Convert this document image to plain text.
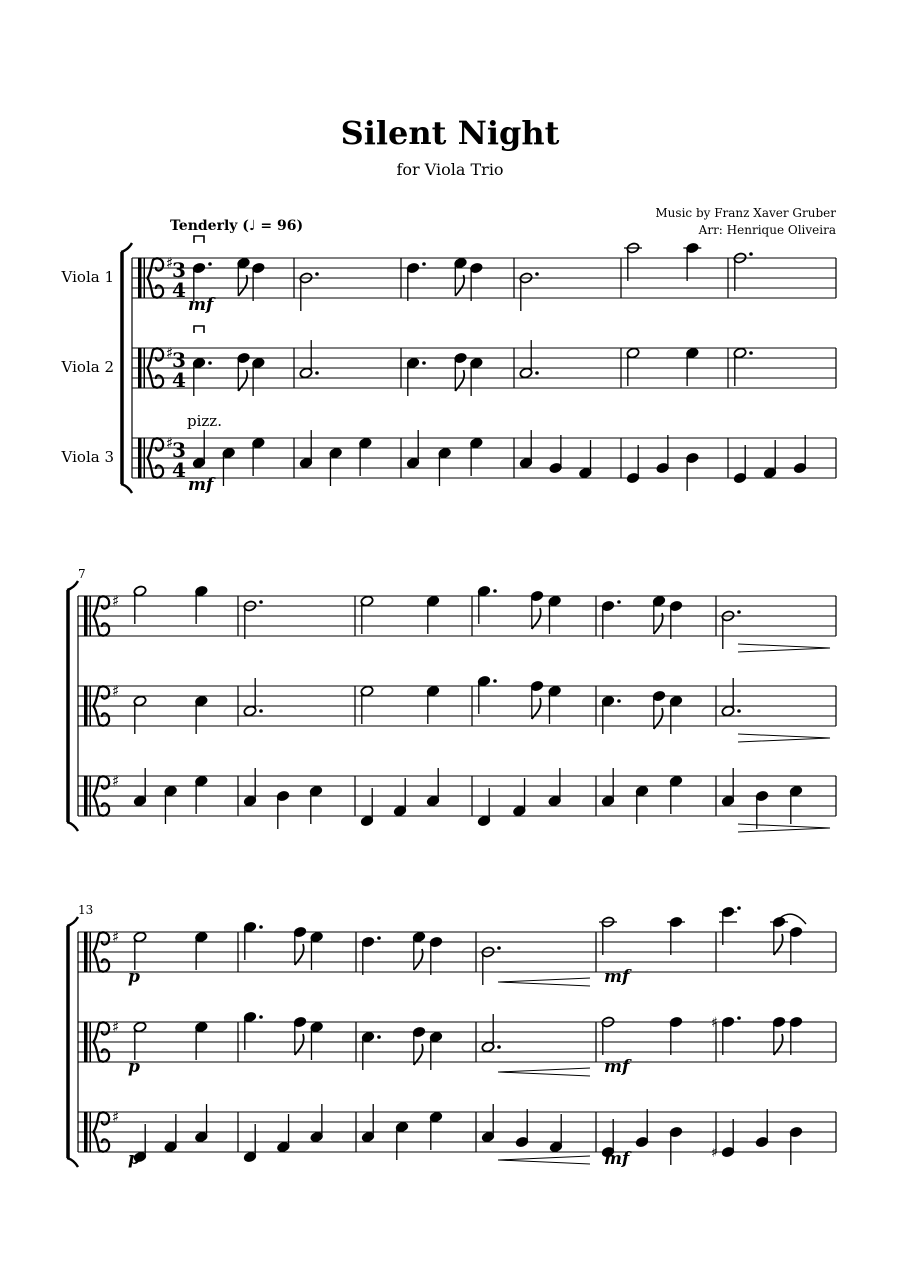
Silent Night
for Viola Trio
Music by Franz Xaver Gruber
Arr: Henrique Oliveira
Tenderly (♩ = 96)
♯
3
4
Viola 1
♯
3
4
Viola 2
♯
3
4
Viola 3
mf
mf
pizz.
7
♯
♯
♯
13
♯
♯	♯
♯
♯
p
p
p
mf
mf
mf
